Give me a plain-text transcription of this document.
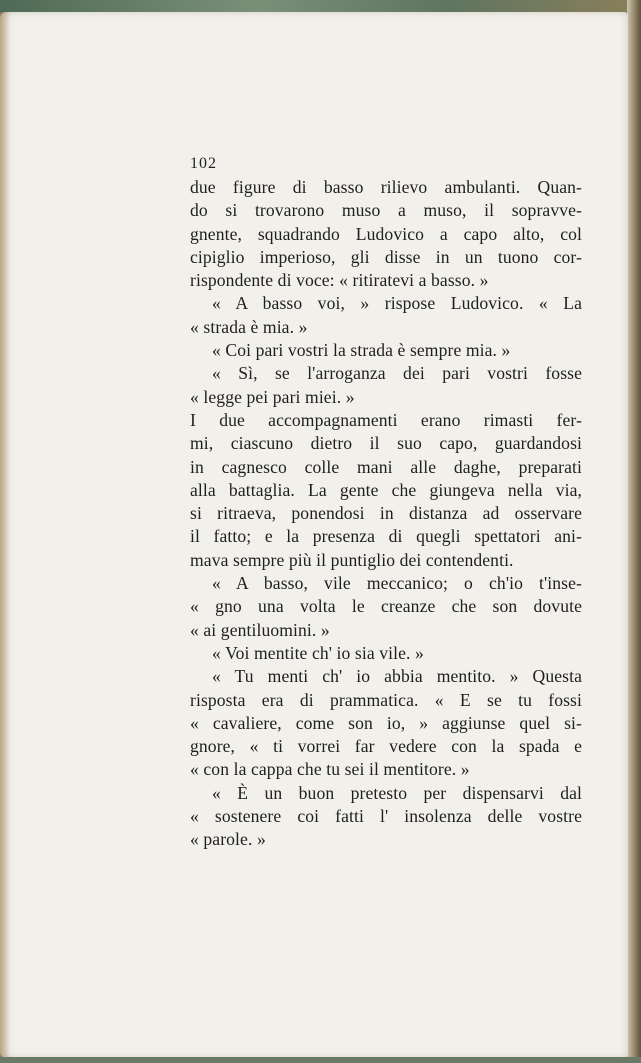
102
due figure di basso rilievo ambulanti. Quan-
do si trovarono muso a muso, il sopravve-
gnente, squadrando Ludovico a capo alto, col
cipiglio imperioso, gli disse in un tuono cor-
rispondente di voce: « ritiratevi a basso. »
« A basso voi, » rispose Ludovico. « La
« strada è mia. »
« Coi pari vostri la strada è sempre mia. »
« Sì, se l'arroganza dei pari vostri fosse
« legge pei pari miei. »
I due accompagnamenti erano rimasti fer-
mi, ciascuno dietro il suo capo, guardandosi
in cagnesco colle mani alle daghe, preparati
alla battaglia. La gente che giungeva nella via,
si ritraeva, ponendosi in distanza ad osservare
il fatto; e la presenza di quegli spettatori ani-
mava sempre più il puntiglio dei contendenti.
« A basso, vile meccanico; o ch'io t'inse-
« gno una volta le creanze che son dovute
« ai gentiluomini. »
« Voi mentite ch' io sia vile. »
« Tu menti ch' io abbia mentito. » Questa
risposta era di prammatica. « E se tu fossi
« cavaliere, come son io, » aggiunse quel si-
gnore, « ti vorrei far vedere con la spada e
« con la cappa che tu sei il mentitore. »
« È un buon pretesto per dispensarvi dal
« sostenere coi fatti l' insolenza delle vostre
« parole. »
